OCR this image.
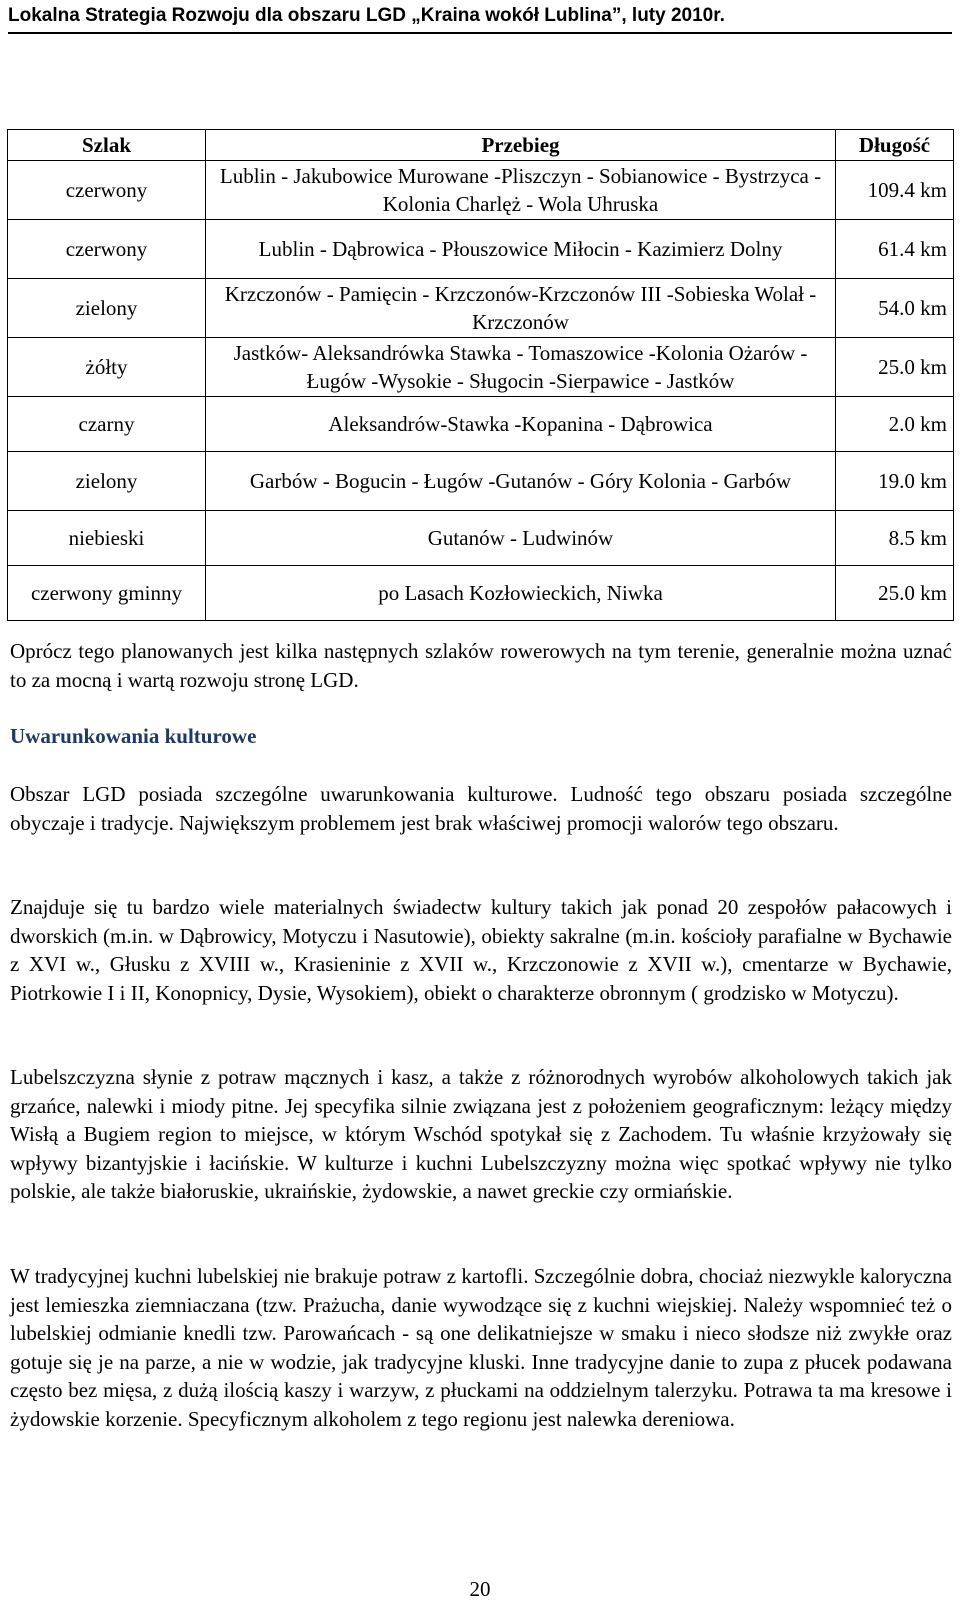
Lokalna Strategia Rozwoju dla obszaru LGD „Kraina wokół Lublina”, luty 2010r.
Szlak	Przebieg	Długość
czerwony	Lublin - Jakubowice Murowane -Pliszczyn - Sobianowice - Bystrzyca - Kolonia Charlęż - Wola Uhruska	109.4 km
czerwony	Lublin - Dąbrowica - Płouszowice Miłocin - Kazimierz Dolny	61.4 km
zielony	Krzczonów - Pamięcin - Krzczonów-Krzczonów III -Sobieska Wolał - Krzczonów	54.0 km
żółty	Jastków- Aleksandrówka Stawka - Tomaszowice -Kolonia Ożarów - Ługów -Wysokie - Sługocin -Sierpawice - Jastków	25.0 km
czarny	Aleksandrów-Stawka -Kopanina - Dąbrowica	2.0 km
zielony	Garbów - Bogucin - Ługów -Gutanów - Góry Kolonia - Garbów	19.0 km
niebieski	Gutanów - Ludwinów	8.5 km
czerwony gminny	po Lasach Kozłowieckich, Niwka	25.0 km

Oprócz tego planowanych jest kilka następnych szlaków rowerowych na tym terenie, generalnie można uznać to za mocną i wartą rozwoju stronę LGD.

Uwarunkowania kulturowe

Obszar LGD posiada szczególne uwarunkowania kulturowe. Ludność tego obszaru posiada szczególne obyczaje i tradycje. Największym problemem jest brak właściwej promocji walorów tego obszaru.

Znajduje się tu bardzo wiele materialnych świadectw kultury takich jak ponad 20 zespołów pałacowych i dworskich (m.in. w Dąbrowicy, Motyczu i Nasutowie), obiekty sakralne (m.in. kościoły parafialne w Bychawie z XVI w., Głusku z XVIII w., Krasieninie z XVII w., Krzczonowie z XVII w.), cmentarze w Bychawie, Piotrkowie I i II, Konopnicy, Dysie, Wysokiem), obiekt o charakterze obronnym ( grodzisko w Motyczu).

Lubelszczyzna słynie z potraw mącznych i kasz, a także z różnorodnych wyrobów alkoholowych takich jak grzańce, nalewki i miody pitne. Jej specyfika silnie związana jest z położeniem geograficznym: leżący między Wisłą a Bugiem region to miejsce, w którym Wschód spotykał się z Zachodem. Tu właśnie krzyżowały się wpływy bizantyjskie i łacińskie. W kulturze i kuchni Lubelszczyzny można więc spotkać wpływy nie tylko polskie, ale także białoruskie, ukraińskie, żydowskie, a nawet greckie czy ormiańskie.

W tradycyjnej kuchni lubelskiej nie brakuje potraw z kartofli. Szczególnie dobra, chociaż niezwykle kaloryczna jest lemieszka ziemniaczana (tzw. Prażucha, danie wywodzące się z kuchni wiejskiej. Należy wspomnieć też o lubelskiej odmianie knedli tzw. Parowańcach - są one delikatniejsze w smaku i nieco słodsze niż zwykłe oraz gotuje się je na parze, a nie w wodzie, jak tradycyjne kluski. Inne tradycyjne danie to zupa z płucek podawana często bez mięsa, z dużą ilością kaszy i warzyw, z płuckami na oddzielnym talerzyku. Potrawa ta ma kresowe i żydowskie korzenie. Specyficznym alkoholem z tego regionu jest nalewka dereniowa.

20
